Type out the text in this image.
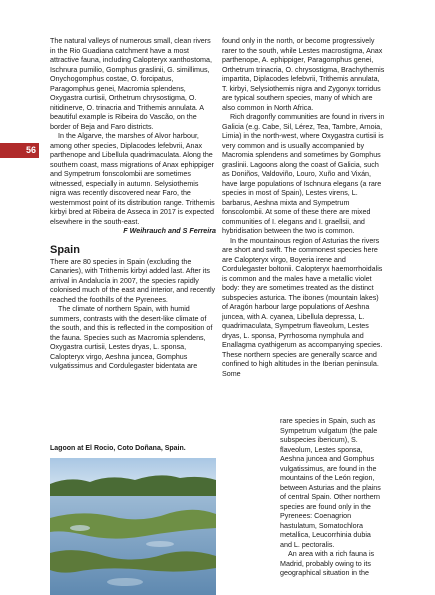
56

The natural valleys of numerous small, clean rivers in the Rio Guadiana catchment have a most attractive fauna, including Calopteryx xanthostoma, Ischnura pumilio, Gomphus graslinii, G. simillimus, Onychogomphus costae, O. forcipatus, Paragomphus genei, Macromia splendens, Oxygastra curtisii, Orthetrum chrysostigma, O. nitidinerve, O. trinacria and Trithemis annulata. A beautiful example is Ribeira do Vascão, on the border of Beja and Faro districts.

In the Algarve, the marshes of Alvor harbour, among other species, Diplacodes lefebvrii, Anax parthenope and Libellula quadrimaculata. Along the southern coast, mass migrations of Anax ephippiger and Sympetrum fonscolombii are sometimes witnessed, especially in autumn. Selysiothemis nigra was recently discovered near Faro, the westernmost point of its distribution range. Trithemis kirbyi bred at Ribeira de Asseca in 2017 is expected elsewhere in the south-east.

F Weihrauch and S Ferreira

Spain

There are 80 species in Spain (excluding the Canaries), with Trithemis kirbyi added last. After its arrival in Andalucía in 2007, the species rapidly colonised much of the east and interior, and recently reached the foothills of the Pyrenees.

The climate of northern Spain, with humid summers, contrasts with the desert-like climate of the south, and this is reflected in the composition of the fauna. Species such as Macromia splendens, Oxygastra curtisii, Lestes dryas, L. sponsa, Calopteryx virgo, Aeshna juncea, Gomphus vulgatissimus and Cordulegaster bidentata are

Lagoon at El Rocio, Coto Doñana, Spain.

found only in the north, or become progressively rarer to the south, while Lestes macrostigma, Anax parthenope, A. ephippiger, Paragomphus genei, Orthetrum trinacria, O. chrysostigma, Brachythemis impartita, Diplacodes lefebvrii, Trithemis annulata, T. kirbyi, Selysiothemis nigra and Zygonyx torridus are typical southern species, many of which are also common in North Africa.

Rich dragonfly communities are found in rivers in Galicia (e.g. Cabe, Sil, Lérez, Tea, Tambre, Arnoia, Limia) in the north-west, where Oxygastra curtisii is very common and is usually accompanied by Macromia splendens and sometimes by Gomphus graslinii. Lagoons along the coast of Galicia, such as Doniños, Valdoviño, Louro, Xuño and Vixán, have large populations of Ischnura elegans (a rare species in most of Spain), Lestes virens, L. barbarus, Aeshna mixta and Sympetrum fonscolombii. At some of these there are mixed communities of I. elegans and I. graellsii, and hybridisation between the two is common.

In the mountainous region of Asturias the rivers are short and swift. The commonest species here are Calopteryx virgo, Boyeria irene and Cordulegaster boltonii. Calopteryx haemorrhoidalis is common and the males have a metallic violet body: they are sometimes treated as the distinct subspecies asturica. The ibones (mountain lakes) of Aragón harbour large populations of Aeshna juncea, with A. cyanea, Libellula depressa, L. quadrimaculata, Sympetrum flaveolum, Lestes dryas, L. sponsa, Pyrrhosoma nymphula and Enallagma cyathigerum as accompanying species. These northern species are generally scarce and confined to high altitudes in the Iberian peninsula. Some

rare species in Spain, such as Sympetrum vulgatum (the pale subspecies ibericum), S. flaveolum, Lestes sponsa, Aeshna juncea and Gomphus vulgatissimus, are found in the mountains of the León region, between Asturias and the plains of central Spain. Other northern species are found only in the Pyrenees: Coenagrion hastulatum, Somatochlora metallica, Leucorrhinia dubia and L. pectoralis.

An area with a rich fauna is Madrid, probably owing to its geographical situation in the
